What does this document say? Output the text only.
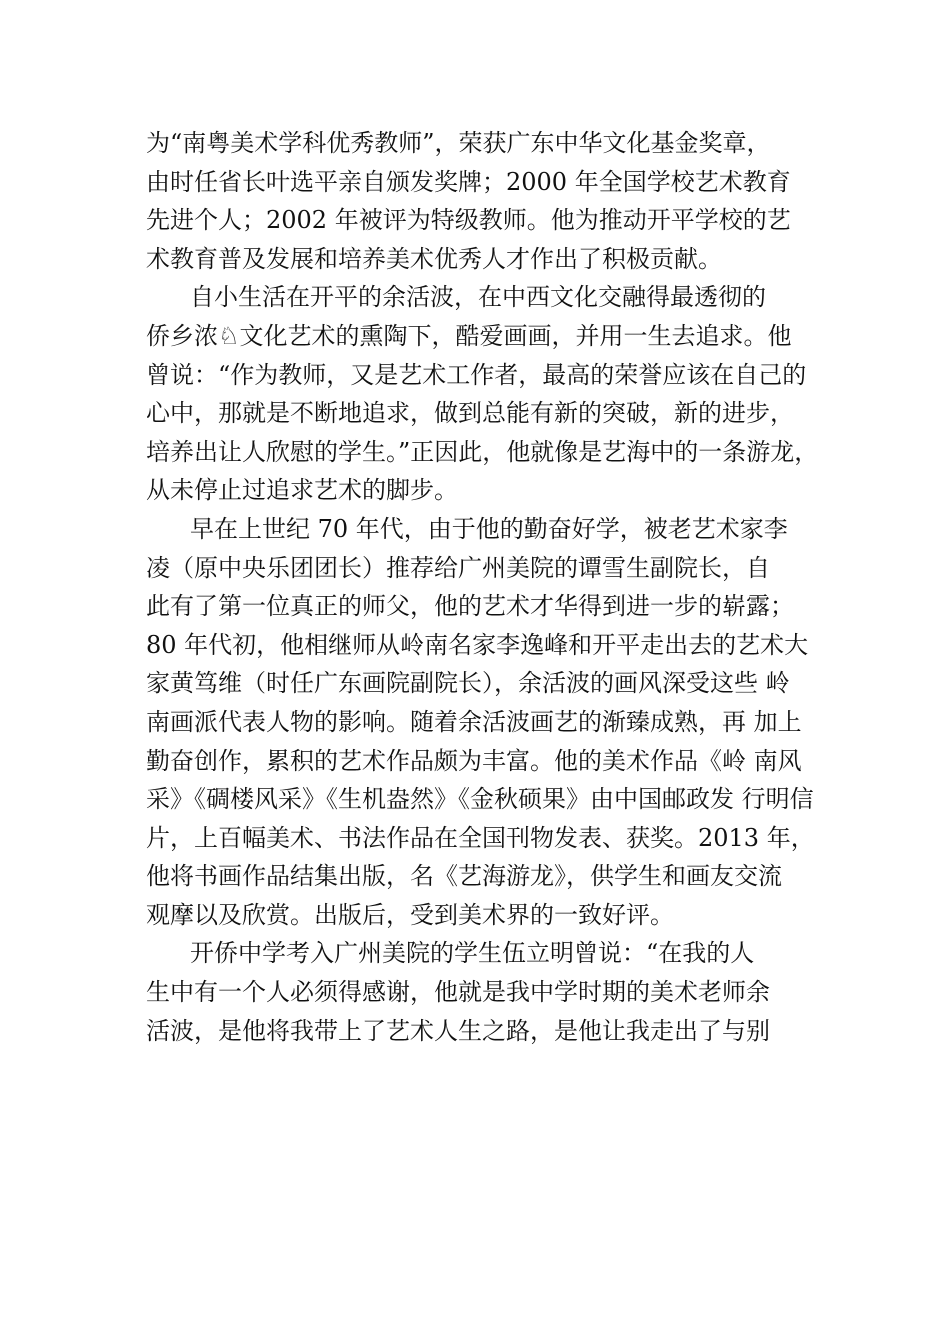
为“南粤美术学科优秀教师”，荣获广东中华文化基金奖章，
由时任省长叶选平亲自颁发奖牌；2000 年全国学校艺术教育
先进个人；2002 年被评为特级教师。他为推动开平学校的艺
术教育普及发展和培养美术优秀人才作出了积极贡献。
自小生活在开平的余活波，在中西文化交融得最透彻的
侨乡浓♘文化艺术的熏陶下，酷爱画画，并用一生去追求。他
曾说：“作为教师，又是艺术工作者，最高的荣誉应该在自己的
心中，那就是不断地追求，做到总能有新的突破，新的进步，
培养出让人欣慰的学生。”正因此，他就像是艺海中的一条游龙，
从未停止过追求艺术的脚步。
早在上世纪 70 年代，由于他的勤奋好学，被老艺术家李
凌（原中央乐团团长）推荐给广州美院的谭雪生副院长，自
此有了第一位真正的师父，他的艺术才华得到进一步的崭露；
80 年代初，他相继师从岭南名家李逸峰和开平走出去的艺术大
家黄笃维（时任广东画院副院长），余活波的画风深受这些 岭
南画派代表人物的影响。随着余活波画艺的渐臻成熟，再 加上
勤奋创作，累积的艺术作品颇为丰富。他的美术作品《岭 南风
采》《碉楼风采》《生机盎然》《金秋硕果》由中国邮政发 行明信
片，上百幅美术、书法作品在全国刊物发表、获奖。2013 年，
他将书画作品结集出版，名《艺海游龙》，供学生和画友交流
观摩以及欣赏。出版后，受到美术界的一致好评。
开侨中学考入广州美院的学生伍立明曾说：“在我的人
生中有一个人必须得感谢，他就是我中学时期的美术老师余
活波，是他将我带上了艺术人生之路，是他让我走出了与别
